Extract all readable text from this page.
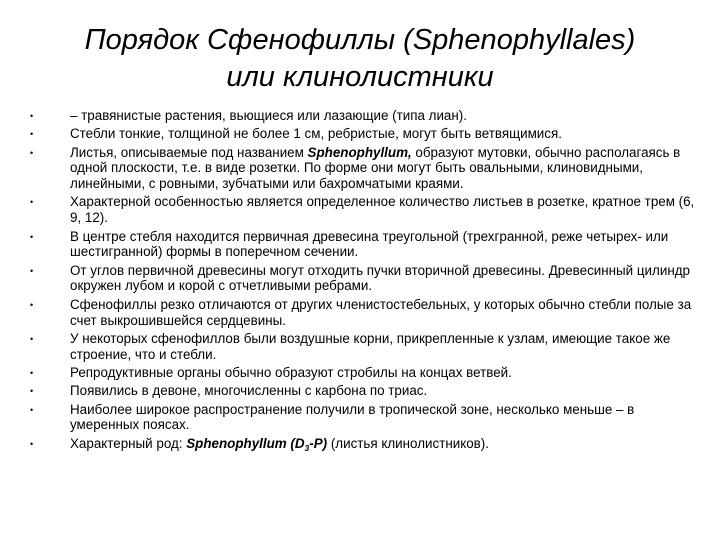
Порядок Сфенофиллы (Sphenophyllales)
или клинолистники
•	– травянистые растения, вьющиеся или лазающие (типа лиан).
•	Стебли тонкие, толщиной не более 1 см, ребристые, могут быть ветвящимися.
•	Листья, описываемые под названием Sphenophyllum, образуют мутовки, обычно располагаясь в одной плоскости, т.е. в виде розетки. По форме они могут быть овальными, клиновидными, линейными, с ровными, зубчатыми или бахромчатыми краями.
•	Характерной особенностью является определенное количество листьев в розетке, кратное трем (6, 9, 12).
•	В центре стебля находится первичная древесина треугольной (трехгранной, реже четырех- или шестигранной) формы в поперечном сечении.
•	От углов первичной древесины могут отходить пучки вторичной древесины. Древесинный цилиндр окружен лубом и корой с отчетливыми ребрами.
•	Сфенофиллы резко отличаются от других членистостебельных, у которых обычно стебли полые за счет выкрошившейся сердцевины.
•	У некоторых сфенофиллов были воздушные корни, прикрепленные к узлам, имеющие такое же строение, что и стебли.
•	Репродуктивные органы обычно образуют стробилы на концах ветвей.
•	Появились в девоне, многочисленны с карбона по триас.
•	Наиболее широкое распространение получили в тропической зоне, несколько меньше – в умеренных поясах.
•	Характерный род: Sphenophyllum $(D_3-P)$ (листья клинолистников).
